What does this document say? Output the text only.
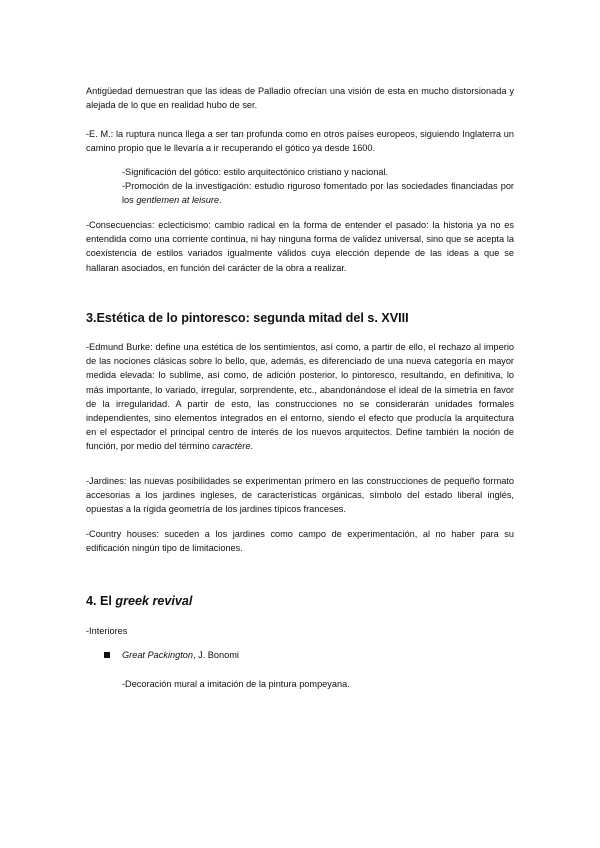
Antigüedad demuestran que las ideas de Palladio ofrecían una visión de esta en mucho distorsionada y alejada de lo que en realidad hubo de ser.

-E. M.: la ruptura nunca llega a ser tan profunda como en otros países europeos, siguiendo Inglaterra un camino propio que le llevaría a ir recuperando el gótico ya desde 1600.

-Significación del gótico: estilo arquitectónico cristiano y nacional.
-Promoción de la investigación: estudio riguroso fomentado por las sociedades financiadas por los gentlemen at leisure.

-Consecuencias: eclecticismo: cambio radical en la forma de entender el pasado: la historia ya no es entendida como una corriente continua, ni hay ninguna forma de validez universal, sino que se acepta la coexistencia de estilos variados igualmente válidos cuya elección depende de las ideas a que se hallaran asociados, en función del carácter de la obra a realizar.

3.Estética de lo pintoresco: segunda mitad del s. XVIII

-Edmund Burke: define una estética de los sentimientos, así como, a partir de ello, el rechazo al imperio de las nociones clásicas sobre lo bello, que, además, es diferenciado de una nueva categoría en mayor medida elevada: lo sublime, así como, de adición posterior, lo pintoresco, resultando, en definitiva, lo más importante, lo variado, irregular, sorprendente, etc., abandonándose el ideal de la simetría en favor de la irregularidad. A partir de esto, las construcciones no se considerarán unidades formales independientes, sino elementos integrados en el entorno, siendo el efecto que producía la arquitectura en el espectador el principal centro de interés de los nuevos arquitectos. Define también la noción de función, por medio del término caractère.

-Jardines: las nuevas posibilidades se experimentan primero en las construcciones de pequeño formato accesorias a los jardines ingleses, de características orgánicas, símbolo del estado liberal inglés, opuestas a la rígida geometría de los jardines típicos franceses.

-Country houses: suceden a los jardines como campo de experimentación, al no haber para su edificación ningún tipo de limitaciones.

4. El greek revival

-Interiores

Great Packington, J. Bonomi

-Decoración mural a imitación de la pintura pompeyana.
